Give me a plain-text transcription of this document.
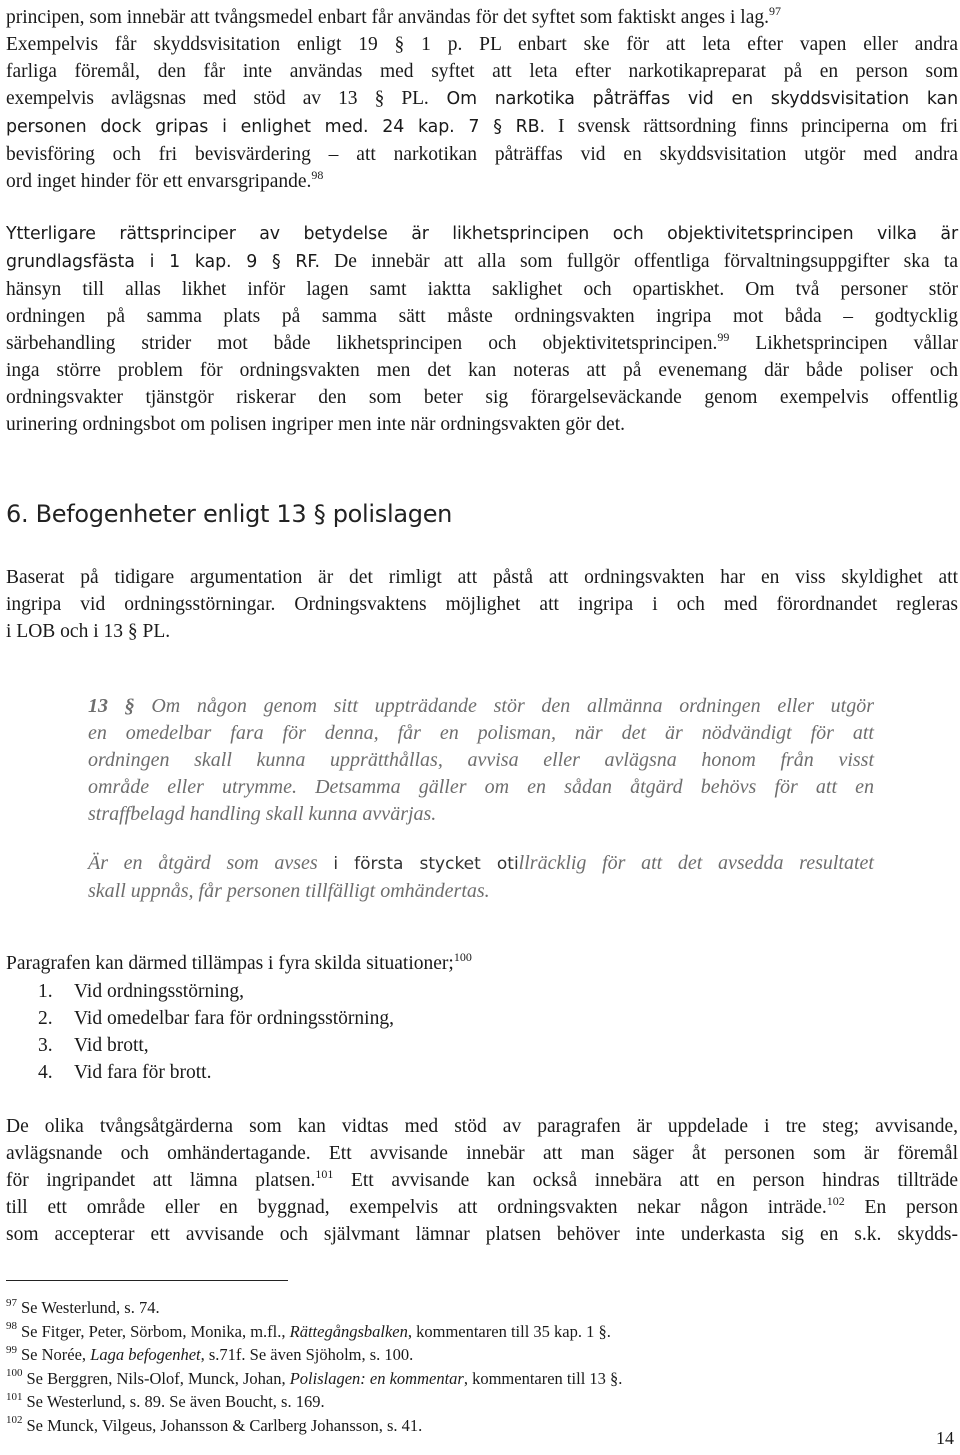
principen, som innebär att tvångsmedel enbart får användas för det syftet som faktiskt anges i lag.$^{97}$
Exempelvis får skyddsvisitation enligt 19 § 1 p. PL enbart ske för att leta efter vapen eller andra
farliga föremål, den får inte användas med syftet att leta efter narkotikapreparat på en person som
exempelvis avlägsnas med stöd av 13 § PL. Om narkotika påträffas vid en skyddsvisitation kan
personen dock gripas i enlighet med. 24 kap. 7 § RB. I svensk rättsordning finns principerna om fri
bevisföring och fri bevisvärdering – att narkotikan påträffas vid en skyddsvisitation utgör med andra
ord inget hinder för ett envarsgripande.$^{98}$
Ytterligare rättsprinciper av betydelse är likhetsprincipen och objektivitetsprincipen vilka är
grundlagsfästa i 1 kap. 9 § RF. De innebär att alla som fullgör offentliga förvaltningsuppgifter ska ta
hänsyn till allas likhet inför lagen samt iaktta saklighet och opartiskhet. Om två personer stör
ordningen på samma plats på samma sätt måste ordningsvakten ingripa mot båda – godtycklig
särbehandling strider mot både likhetsprincipen och objektivitetsprincipen.$^{99}$ Likhetsprincipen vållar
inga större problem för ordningsvakten men det kan noteras att på evenemang där både poliser och
ordningsvakter tjänstgör riskerar den som beter sig förargelseväckande genom exempelvis offentlig
urinering ordningsbot om polisen ingriper men inte när ordningsvakten gör det.
6. Befogenheter enligt 13 § polislagen
Baserat på tidigare argumentation är det rimligt att påstå att ordningsvakten har en viss skyldighet att
ingripa vid ordningsstörningar. Ordningsvaktens möjlighet att ingripa i och med förordnandet regleras
i LOB och i 13 § PL.
13 § Om någon genom sitt uppträdande stör den allmänna ordningen eller utgör
en omedelbar fara för denna, får en polisman, när det är nödvändigt för att
ordningen skall kunna upprätthållas, avvisa eller avlägsna honom från visst
område eller utrymme. Detsamma gäller om en sådan åtgärd behövs för att en
straffbelagd handling skall kunna avvärjas.
Är en åtgärd som avses i första stycket otillräcklig för att det avsedda resultatet
skall uppnås, får personen tillfälligt omhändertas.
Paragrafen kan därmed tillämpas i fyra skilda situationer;$^{100}$
1. Vid ordningsstörning,
2. Vid omedelbar fara för ordningsstörning,
3. Vid brott,
4. Vid fara för brott.
De olika tvångsåtgärderna som kan vidtas med stöd av paragrafen är uppdelade i tre steg; avvisande,
avlägsnande och omhändertagande. Ett avvisande innebär att man säger åt personen som är föremål
för ingripandet att lämna platsen.$^{101}$ Ett avvisande kan också innebära att en person hindras tillträde
till ett område eller en byggnad, exempelvis att ordningsvakten nekar någon inträde.$^{102}$ En person
som accepterar ett avvisande och självmant lämnar platsen behöver inte underkasta sig en s.k. skydds-
$^{97}$ Se Westerlund, s. 74.
$^{98}$ Se Fitger, Peter, Sörbom, Monika, m.fl., Rättegångsbalken, kommentaren till 35 kap. 1 §.
$^{99}$ Se Norée, Laga befogenhet, s.71f. Se även Sjöholm, s. 100.
$^{100}$ Se Berggren, Nils-Olof, Munck, Johan, Polislagen: en kommentar, kommentaren till 13 §.
$^{101}$ Se Westerlund, s. 89. Se även Boucht, s. 169.
$^{102}$ Se Munck, Vilgeus, Johansson & Carlberg Johansson, s. 41.
14
